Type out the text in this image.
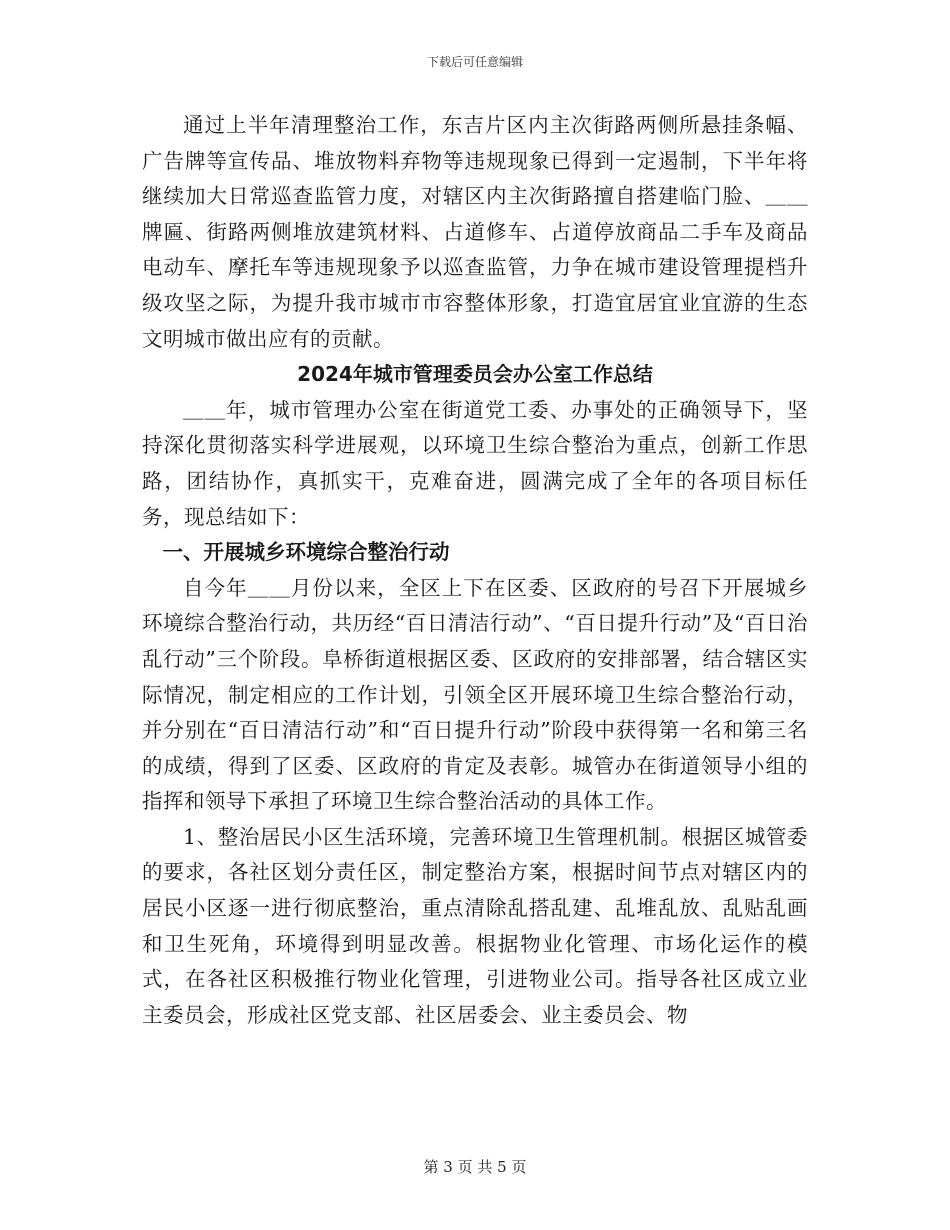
下载后可任意编辑

通过上半年清理整治工作，东吉片区内主次街路两侧所悬挂条幅、广告牌等宣传品、堆放物料弃物等违规现象已得到一定遏制，下半年将继续加大日常巡查监管力度，对辖区内主次街路擅自搭建临门脸、＿＿牌匾、街路两侧堆放建筑材料、占道修车、占道停放商品二手车及商品电动车、摩托车等违规现象予以巡查监管，力争在城市建设管理提档升级攻坚之际，为提升我市城市市容整体形象，打造宜居宜业宜游的生态文明城市做出应有的贡献。

2024年城市管理委员会办公室工作总结

＿＿年，城市管理办公室在街道党工委、办事处的正确领导下，坚持深化贯彻落实科学进展观，以环境卫生综合整治为重点，创新工作思路，团结协作，真抓实干，克难奋进，圆满完成了全年的各项目标任务，现总结如下：

一、开展城乡环境综合整治行动

自今年＿＿月份以来，全区上下在区委、区政府的号召下开展城乡环境综合整治行动，共历经“百日清洁行动”、“百日提升行动”及“百日治乱行动”三个阶段。阜桥街道根据区委、区政府的安排部署，结合辖区实际情况，制定相应的工作计划，引领全区开展环境卫生综合整治行动，并分别在“百日清洁行动”和“百日提升行动”阶段中获得第一名和第三名的成绩，得到了区委、区政府的肯定及表彰。城管办在街道领导小组的指挥和领导下承担了环境卫生综合整治活动的具体工作。

1、整治居民小区生活环境，完善环境卫生管理机制。根据区城管委的要求，各社区划分责任区，制定整治方案，根据时间节点对辖区内的居民小区逐一进行彻底整治，重点清除乱搭乱建、乱堆乱放、乱贴乱画和卫生死角，环境得到明显改善。根据物业化管理、市场化运作的模式，在各社区积极推行物业化管理，引进物业公司。指导各社区成立业主委员会，形成社区党支部、社区居委会、业主委员会、物

第 3 页 共 5 页
